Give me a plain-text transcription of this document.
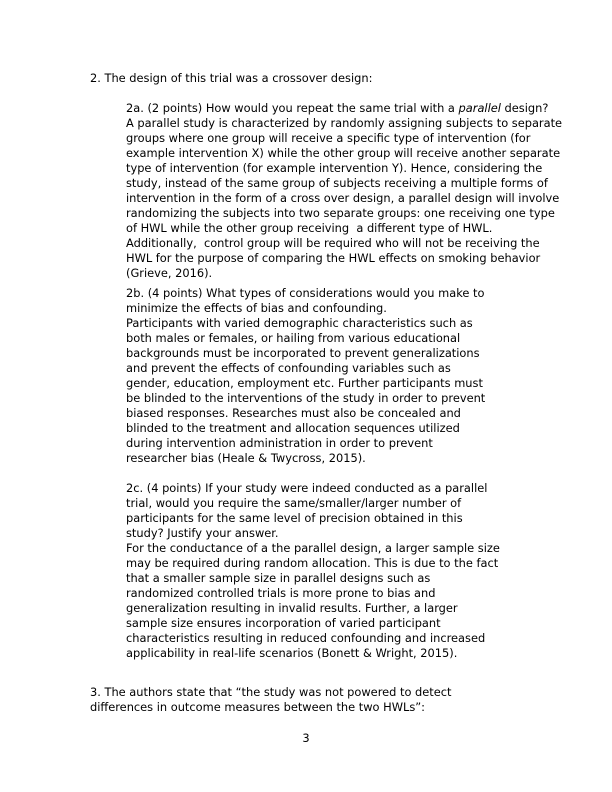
2. The design of this trial was a crossover design:
2a. (2 points) How would you repeat the same trial with a parallel design?
A parallel study is characterized by randomly assigning subjects to separate
groups where one group will receive a specific type of intervention (for
example intervention X) while the other group will receive another separate
type of intervention (for example intervention Y). Hence, considering the
study, instead of the same group of subjects receiving a multiple forms of
intervention in the form of a cross over design, a parallel design will involve
randomizing the subjects into two separate groups: one receiving one type
of HWL while the other group receiving  a different type of HWL.
Additionally,  control group will be required who will not be receiving the
HWL for the purpose of comparing the HWL effects on smoking behavior
(Grieve, 2016).
2b. (4 points) What types of considerations would you make to
minimize the effects of bias and confounding.
Participants with varied demographic characteristics such as
both males or females, or hailing from various educational
backgrounds must be incorporated to prevent generalizations
and prevent the effects of confounding variables such as
gender, education, employment etc. Further participants must
be blinded to the interventions of the study in order to prevent
biased responses. Researches must also be concealed and
blinded to the treatment and allocation sequences utilized
during intervention administration in order to prevent
researcher bias (Heale & Twycross, 2015).
2c. (4 points) If your study were indeed conducted as a parallel
trial, would you require the same/smaller/larger number of
participants for the same level of precision obtained in this
study? Justify your answer.
For the conductance of a the parallel design, a larger sample size
may be required during random allocation. This is due to the fact
that a smaller sample size in parallel designs such as
randomized controlled trials is more prone to bias and
generalization resulting in invalid results. Further, a larger
sample size ensures incorporation of varied participant
characteristics resulting in reduced confounding and increased
applicability in real-life scenarios (Bonett & Wright, 2015).
3. The authors state that “the study was not powered to detect
differences in outcome measures between the two HWLs”:
3
